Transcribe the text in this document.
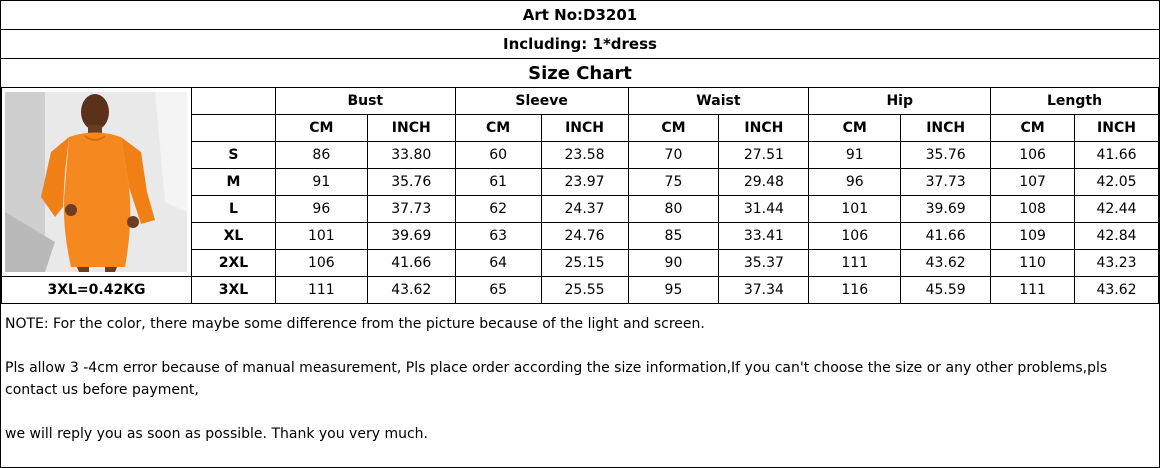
Art No:D3201
Including: 1*dress
Size Chart
		Bust		Sleeve		Waist		Hip		Length	
		CM	INCH	CM	INCH	CM	INCH	CM	INCH	CM	INCH
	S	86	33.80	60	23.58	70	27.51	91	35.76	106	41.66
	M	91	35.76	61	23.97	75	29.48	96	37.73	107	42.05
	L	96	37.73	62	24.37	80	31.44	101	39.69	108	42.44
	XL	101	39.69	63	24.76	85	33.41	106	41.66	109	42.84
	2XL	106	41.66	64	25.15	90	35.37	111	43.62	110	43.23
3XL=0.42KG	3XL	111	43.62	65	25.55	95	37.34	116	45.59	111	43.62

NOTE: For the color, there maybe some difference from the picture because of the light and screen.

Pls allow 3 -4cm error because of manual measurement, Pls place order according the size information,If you can't choose the size or any other problems,pls contact us before payment,

we will reply you as soon as possible. Thank you very much.
